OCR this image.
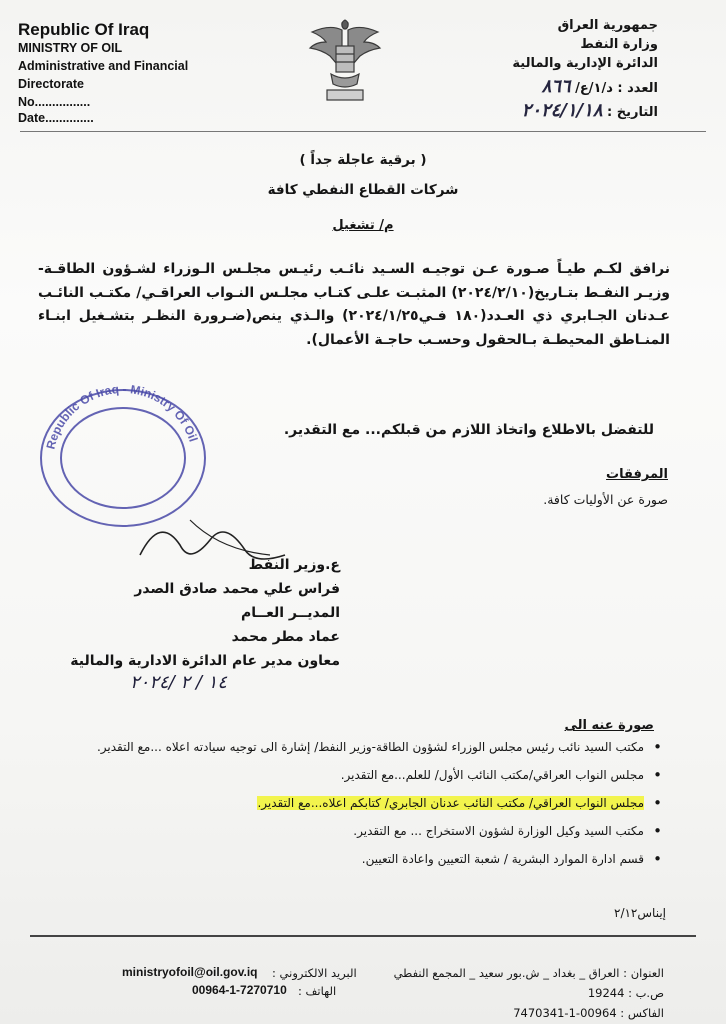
Republic Of Iraq
MINISTRY OF OIL
Administrative and Financial
Directorate
No................
Date..............
جمهورية العراق
وزارة النفط
الدائرة الإدارية والمالية
العدد : د/١/ع/ ٨٦٦
التاريخ : ٢٠٢٤/١/١٨
( برقية عاجلة جداً )
شركات القطاع النفطي كافة
م/ تشغيل
نرافق لكـم طيـاً صـورة عـن توجيـه السـيد نائـب رئيـس مجلـس الـوزراء لشـؤون الطاقـة-وزيـر النفـط بتـاريخ(٢٠٢٤/٢/١٠) المثبـت علـى كتـاب مجلـس النـواب العراقـي/ مكتـب النائـب عـدنان الجـابري ذي العـدد(١٨٠ فـي٢٠٢٤/١/٢٥) والـذي ينص(ضـرورة النظـر بتشـغيل ابنـاء المنـاطق المحيطـة بـالحقول وحسـب حاجـة الأعمال).
للتفضل بالاطلاع واتخاذ اللازم من قبلكم... مع التقدير.
Republic Of Iraq - Ministry Of Oil
المرفقات
صورة عن الأوليات كافة.
ع.وزير النفط
فراس علي محمد صادق الصدر
المديــر العــام
عماد مطر محمد
معاون مدير عام الدائرة الادارية والمالية
١٤ / ٢ /٢٠٢٤
صورة عنه الى
• مكتب السيد نائب رئيس مجلس الوزراء لشؤون الطاقة-وزير النفط/ إشارة الى توجيه سيادته اعلاه ...مع التقدير.
• مجلس النواب العراقي/مكتب النائب الأول/ للعلم...مع التقدير.
• مجلس النواب العراقي/ مكتب النائب عدنان الجابري/ كتابكم اعلاه...مع التقدير.
• مكتب السيد وكيل الوزارة لشؤون الاستخراج ... مع التقدير.
• قسم ادارة الموارد البشرية / شعبة التعيين واعادة التعيين.
إيناس٢/١٢
العنوان : العراق _ بغداد _ ش.بور سعيد _ المجمع النفطي
ص.ب : 19244
الفاكس : 00964-1-7470341
البريد الالكتروني :
ministryofoil@oil.gov.iq
الهاتف :
00964-1-7270710
